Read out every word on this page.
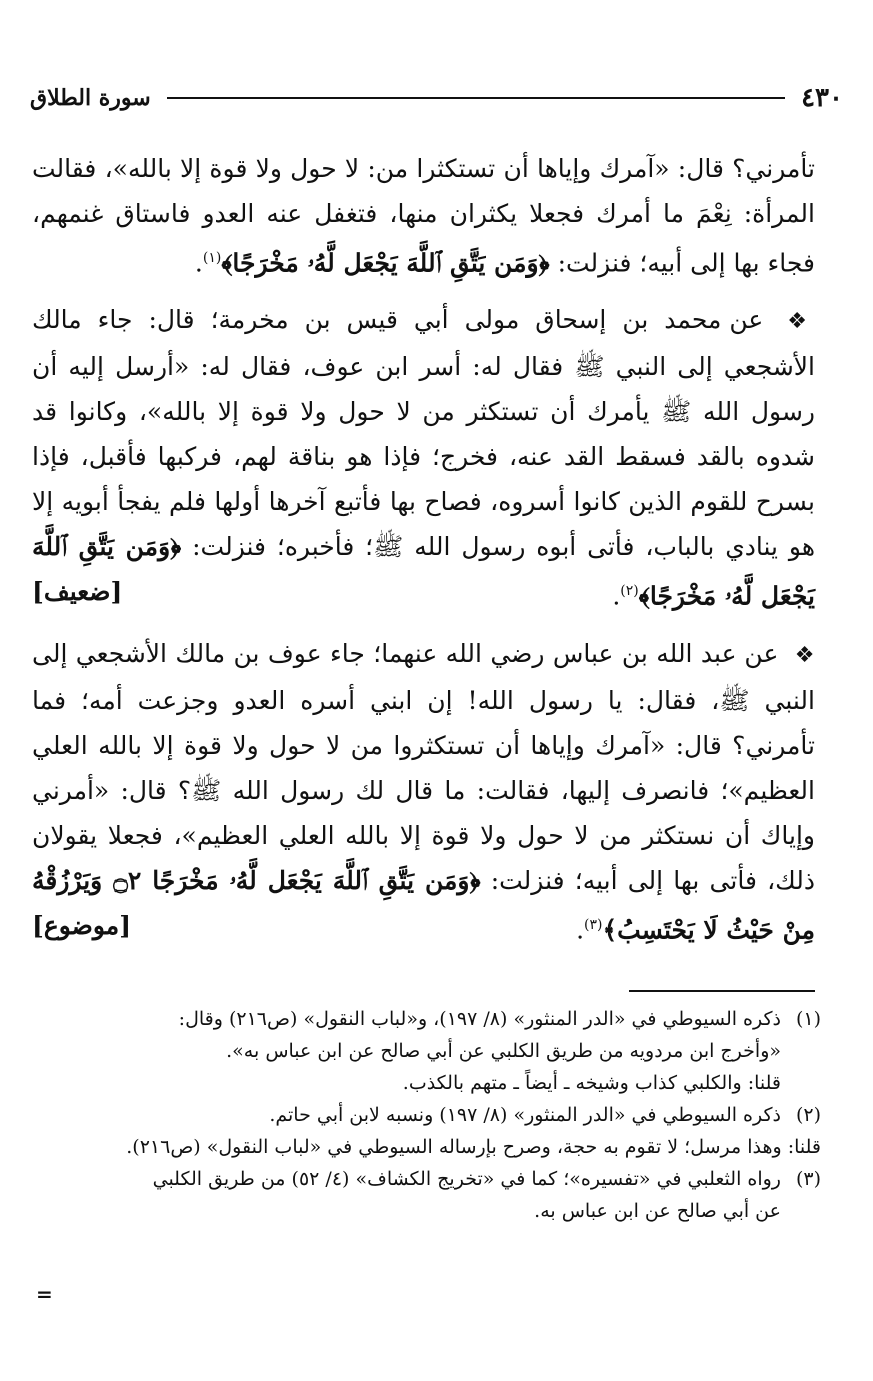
٤٣٠
سورة الطلاق

تأمرني؟ قال: «آمرك وإياها أن تستكثرا من: لا حول ولا قوة إلا بالله»، فقالت المرأة: نِعْمَ ما أمرك فجعلا يكثران منها، فتغفل عنه العدو فاستاق غنمهم، فجاء بها إلى أبيه؛ فنزلت: ﴿وَمَن يَتَّقِ ٱللَّهَ يَجْعَل لَّهُۥ مَخْرَجًا﴾$^{(١)}$.

❖ عن محمد بن إسحاق مولى أبي قيس بن مخرمة؛ قال: جاء مالك الأشجعي إلى النبي ﷺ فقال له: أسر ابن عوف، فقال له: «أرسل إليه أن رسول الله ﷺ يأمرك أن تستكثر من لا حول ولا قوة إلا بالله»، وكانوا قد شدوه بالقد فسقط القد عنه، فخرج؛ فإذا هو بناقة لهم، فركبها فأقبل، فإذا بسرح للقوم الذين كانوا أسروه، فصاح بها فأتبع آخرها أولها فلم يفجأ أبويه إلا هو ينادي بالباب، فأتى أبوه رسول الله ﷺ؛ فأخبره؛ فنزلت: ﴿وَمَن يَتَّقِ ٱللَّهَ يَجْعَل لَّهُۥ مَخْرَجًا﴾$^{(٢)}$.
[ضعيف]

❖ عن عبد الله بن عباس رضي الله عنهما؛ جاء عوف بن مالك الأشجعي إلى النبي ﷺ، فقال: يا رسول الله! إن ابني أسره العدو وجزعت أمه؛ فما تأمرني؟ قال: «آمرك وإياها أن تستكثروا من لا حول ولا قوة إلا بالله العلي العظيم»؛ فانصرف إليها، فقالت: ما قال لك رسول الله ﷺ؟ قال: «أمرني وإياك أن نستكثر من لا حول ولا قوة إلا بالله العلي العظيم»، فجعلا يقولان ذلك، فأتى بها إلى أبيه؛ فنزلت: ﴿وَمَن يَتَّقِ ٱللَّهَ يَجْعَل لَّهُۥ مَخْرَجًا ۝٢ وَيَرْزُقْهُ مِنْ حَيْثُ لَا يَحْتَسِبُ﴾$^{(٣)}$.
[موضوع]

(١)ذكره السيوطي في «الدر المنثور» (٨/ ١٩٧)، و«لباب النقول» (ص٢١٦) وقال:

«وأخرج ابن مردويه من طريق الكلبي عن أبي صالح عن ابن عباس به».

قلنا: والكلبي كذاب وشيخه ـ أيضاً ـ متهم بالكذب.

(٢)ذكره السيوطي في «الدر المنثور» (٨/ ١٩٧) ونسبه لابن أبي حاتم.

قلنا: وهذا مرسل؛ لا تقوم به حجة، وصرح بإرساله السيوطي في «لباب النقول» (ص٢١٦).

(٣)رواه الثعلبي في «تفسيره»؛ كما في «تخريج الكشاف» (٤/ ٥٢) من طريق الكلبي

عن أبي صالح عن ابن عباس به.

=
